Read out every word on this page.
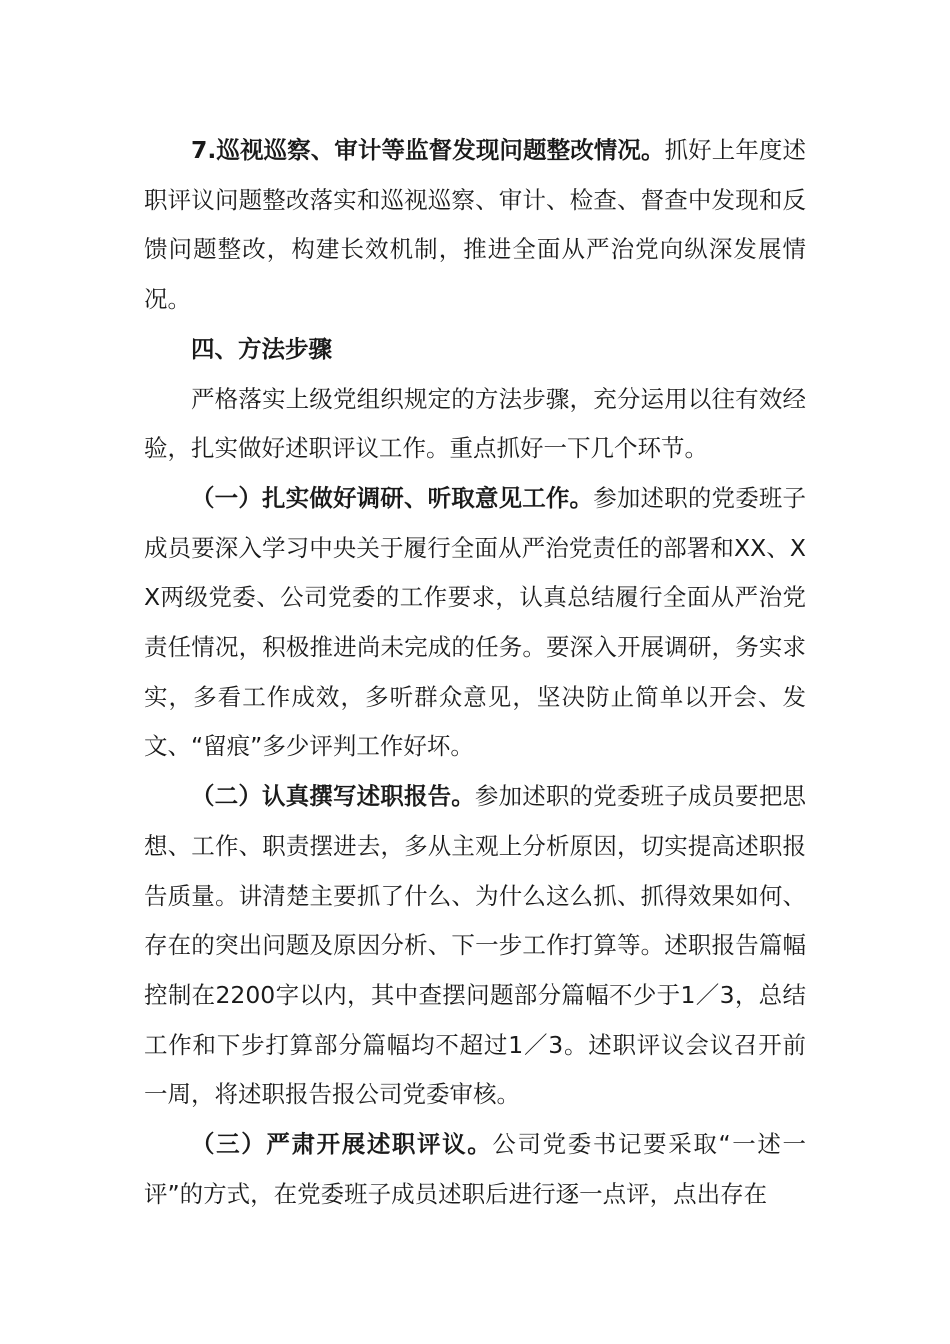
7.巡视巡察、审计等监督发现问题整改情况。抓好上年度述职评议问题整改落实和巡视巡察、审计、检查、督查中发现和反馈问题整改，构建长效机制，推进全面从严治党向纵深发展情况。

四、方法步骤

严格落实上级党组织规定的方法步骤，充分运用以往有效经验，扎实做好述职评议工作。重点抓好一下几个环节。

（一）扎实做好调研、听取意见工作。参加述职的党委班子成员要深入学习中央关于履行全面从严治党责任的部署和XX、XX两级党委、公司党委的工作要求，认真总结履行全面从严治党责任情况，积极推进尚未完成的任务。要深入开展调研，务实求实，多看工作成效，多听群众意见，坚决防止简单以开会、发文、“留痕”多少评判工作好坏。

（二）认真撰写述职报告。参加述职的党委班子成员要把思想、工作、职责摆进去，多从主观上分析原因，切实提高述职报告质量。讲清楚主要抓了什么、为什么这么抓、抓得效果如何、存在的突出问题及原因分析、下一步工作打算等。述职报告篇幅控制在2200字以内，其中查摆问题部分篇幅不少于1／3，总结工作和下步打算部分篇幅均不超过1／3。述职评议会议召开前一周，将述职报告报公司党委审核。

（三）严肃开展述职评议。公司党委书记要采取“一述一评”的方式，在党委班子成员述职后进行逐一点评，点出存在
